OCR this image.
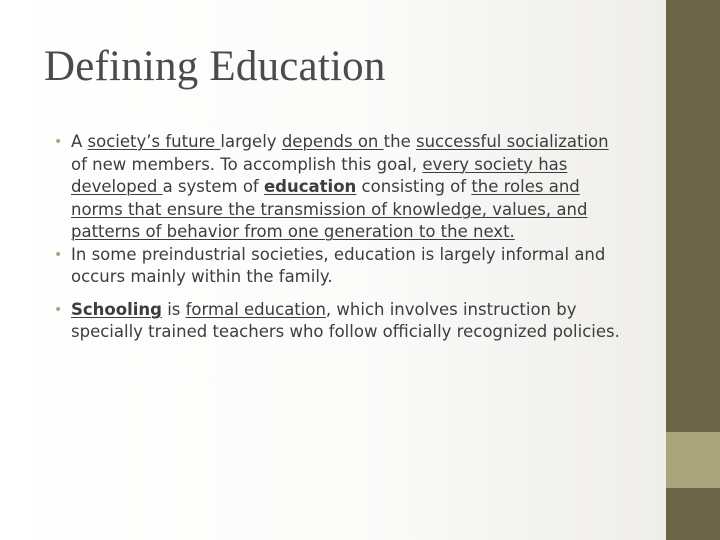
Defining Education
• A society’s future largely depends on the successful socialization of new members. To accomplish this goal, every society has developed a system of education consisting of the roles and norms that ensure the transmission of knowledge, values, and patterns of behavior from one generation to the next.
• In some preindustrial societies, education is largely informal and occurs mainly within the family.
• Schooling is formal education, which involves instruction by specially trained teachers who follow officially recognized policies.
